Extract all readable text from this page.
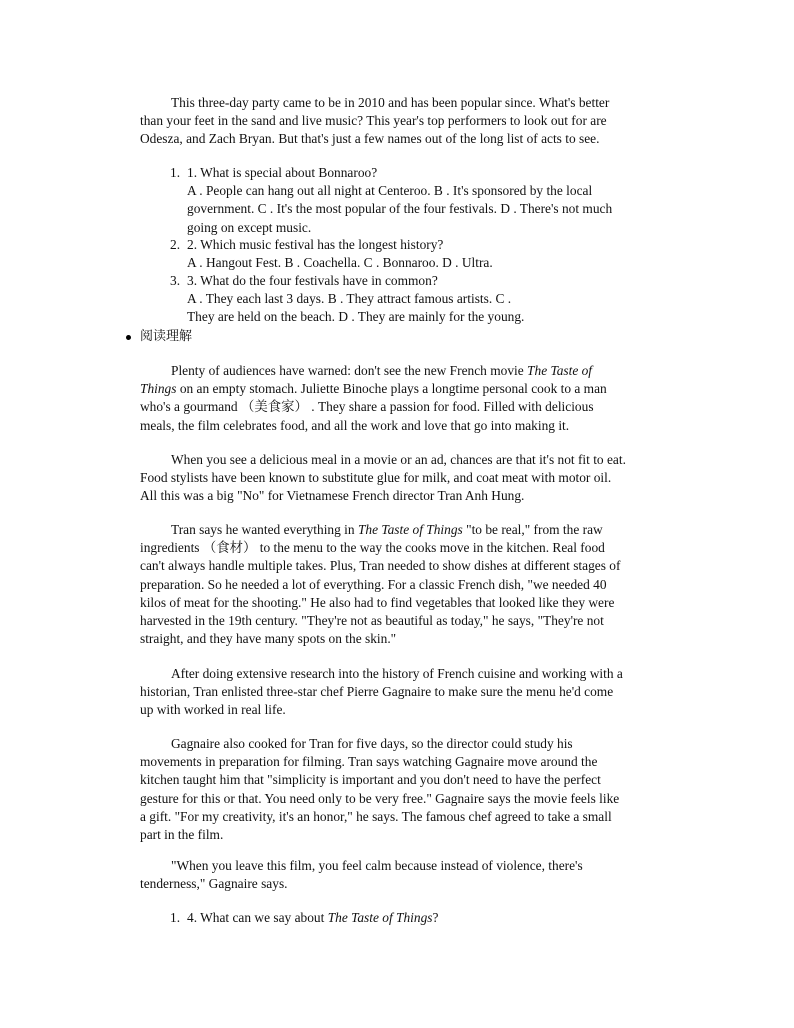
This three-day party came to be in 2010 and has been popular since. What's better
than your feet in the sand and live music? This year's top performers to look out for are
Odesza, and Zach Bryan. But that's just a few names out of the long list of acts to see.
1. 1. What is special about Bonnaroo?
A . People can hang out all night at Centeroo. B . It's sponsored by the local
government. C . It's the most popular of the four festivals. D . There's not much
going on except music.
2. 2. Which music festival has the longest history?
A . Hangout Fest. B . Coachella. C . Bonnaroo. D . Ultra.
3. 3. What do the four festivals have in common?
A . They each last 3 days. B . They attract famous artists. C .
They are held on the beach. D . They are mainly for the young.
阅读理解
Plenty of audiences have warned: don't see the new French movie The Taste of
Things on an empty stomach. Juliette Binoche plays a longtime personal cook to a man
who's a gourmand （美食家） . They share a passion for food. Filled with delicious
meals, the film celebrates food, and all the work and love that go into making it.
When you see a delicious meal in a movie or an ad, chances are that it's not fit to eat.
Food stylists have been known to substitute glue for milk, and coat meat with motor oil.
All this was a big "No" for Vietnamese French director Tran Anh Hung.
Tran says he wanted everything in The Taste of Things "to be real," from the raw
ingredients （食材） to the menu to the way the cooks move in the kitchen. Real food
can't always handle multiple takes. Plus, Tran needed to show dishes at different stages of
preparation. So he needed a lot of everything. For a classic French dish, "we needed 40
kilos of meat for the shooting." He also had to find vegetables that looked like they were
harvested in the 19th century. "They're not as beautiful as today," he says, "They're not
straight, and they have many spots on the skin."
After doing extensive research into the history of French cuisine and working with a
historian, Tran enlisted three-star chef Pierre Gagnaire to make sure the menu he'd come
up with worked in real life.
Gagnaire also cooked for Tran for five days, so the director could study his
movements in preparation for filming. Tran says watching Gagnaire move around the
kitchen taught him that "simplicity is important and you don't need to have the perfect
gesture for this or that. You need only to be very free." Gagnaire says the movie feels like
a gift. "For my creativity, it's an honor," he says. The famous chef agreed to take a small
part in the film.
"When you leave this film, you feel calm because instead of violence, there's
tenderness," Gagnaire says.
1. 4. What can we say about The Taste of Things?
